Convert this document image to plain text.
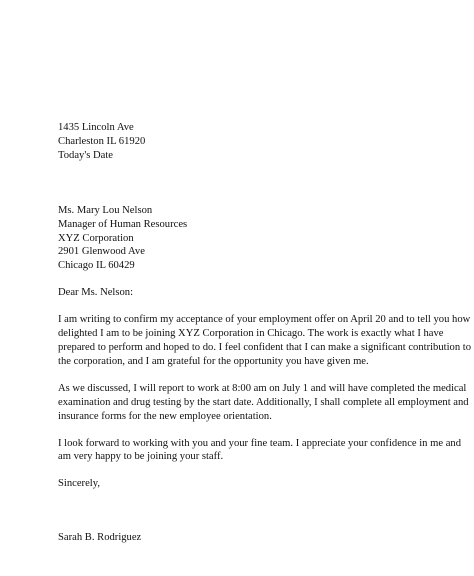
1435 Lincoln Ave
Charleston IL 61920
Today's Date
Ms. Mary Lou Nelson
Manager of Human Resources
XYZ Corporation
2901 Glenwood Ave
Chicago IL 60429
Dear Ms. Nelson:
I am writing to confirm my acceptance of your employment offer on April 20 and to tell you how
delighted I am to be joining XYZ Corporation in Chicago. The work is exactly what I have
prepared to perform and hoped to do. I feel confident that I can make a significant contribution to
the corporation, and I am grateful for the opportunity you have given me.
As we discussed, I will report to work at 8:00 am on July 1 and will have completed the medical
examination and drug testing by the start date. Additionally, I shall complete all employment and
insurance forms for the new employee orientation.
I look forward to working with you and your fine team. I appreciate your confidence in me and
am very happy to be joining your staff.
Sincerely,
Sarah B. Rodriguez
